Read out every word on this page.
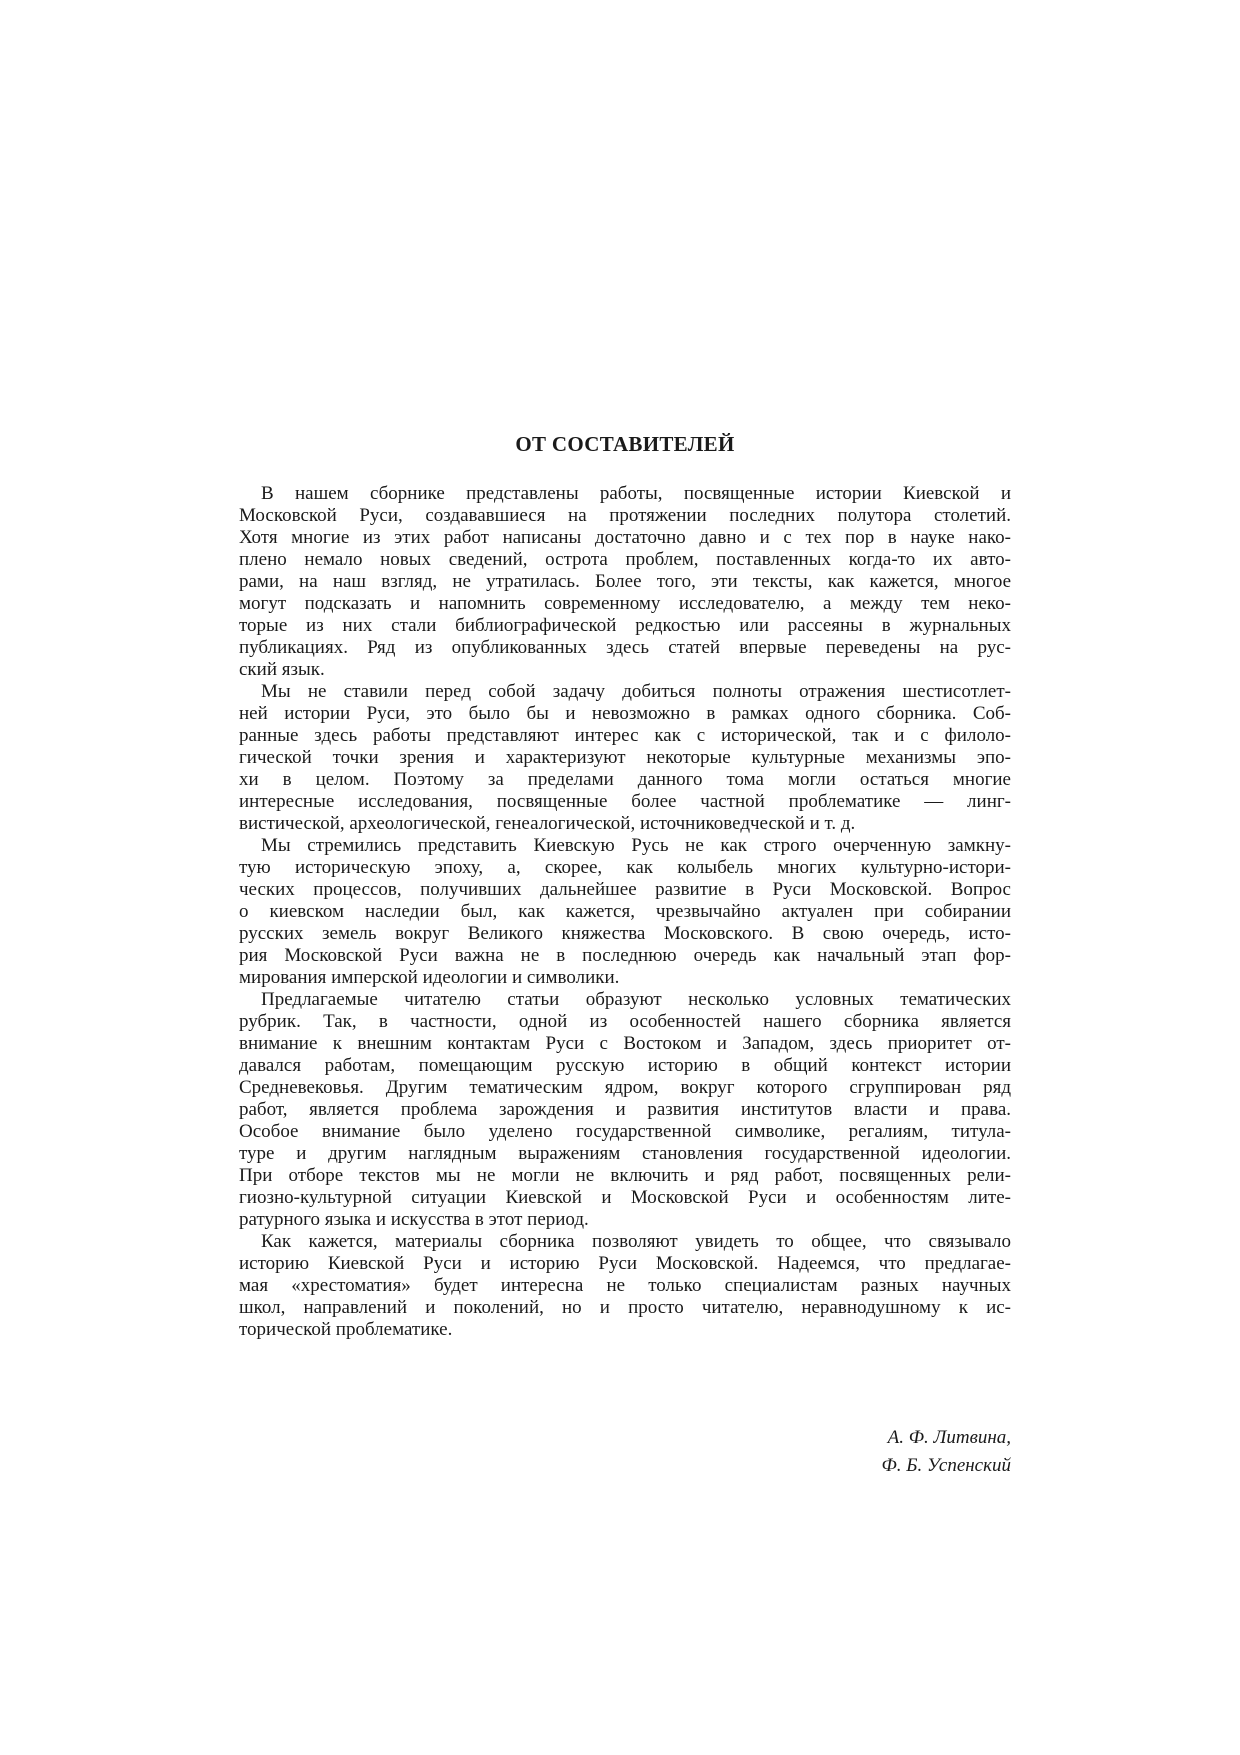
ОТ СОСТАВИТЕЛЕЙ
В нашем сборнике представлены работы, посвященные истории Киевской и
Московской Руси, создававшиеся на протяжении последних полутора столетий.
Хотя многие из этих работ написаны достаточно давно и с тех пор в науке нако-
плено немало новых сведений, острота проблем, поставленных когда-то их авто-
рами, на наш взгляд, не утратилась. Более того, эти тексты, как кажется, многое
могут подсказать и напомнить современному исследователю, а между тем неко-
торые из них стали библиографической редкостью или рассеяны в журнальных
публикациях. Ряд из опубликованных здесь статей впервые переведены на рус-
ский язык.
Мы не ставили перед собой задачу добиться полноты отражения шестисотлет-
ней истории Руси, это было бы и невозможно в рамках одного сборника. Соб-
ранные здесь работы представляют интерес как с исторической, так и с филоло-
гической точки зрения и характеризуют некоторые культурные механизмы эпо-
хи в целом. Поэтому за пределами данного тома могли остаться многие
интересные исследования, посвященные более частной проблематике — линг-
вистической, археологической, генеалогической, источниковедческой и т. д.
Мы стремились представить Киевскую Русь не как строго очерченную замкну-
тую историческую эпоху, а, скорее, как колыбель многих культурно-истори-
ческих процессов, получивших дальнейшее развитие в Руси Московской. Вопрос
о киевском наследии был, как кажется, чрезвычайно актуален при собирании
русских земель вокруг Великого княжества Московского. В свою очередь, исто-
рия Московской Руси важна не в последнюю очередь как начальный этап фор-
мирования имперской идеологии и символики.
Предлагаемые читателю статьи образуют несколько условных тематических
рубрик. Так, в частности, одной из особенностей нашего сборника является
внимание к внешним контактам Руси с Востоком и Западом, здесь приоритет от-
давался работам, помещающим русскую историю в общий контекст истории
Средневековья. Другим тематическим ядром, вокруг которого сгруппирован ряд
работ, является проблема зарождения и развития институтов власти и права.
Особое внимание было уделено государственной символике, регалиям, титула-
туре и другим наглядным выражениям становления государственной идеологии.
При отборе текстов мы не могли не включить и ряд работ, посвященных рели-
гиозно-культурной ситуации Киевской и Московской Руси и особенностям лите-
ратурного языка и искусства в этот период.
Как кажется, материалы сборника позволяют увидеть то общее, что связывало
историю Киевской Руси и историю Руси Московской. Надеемся, что предлагае-
мая «хрестоматия» будет интересна не только специалистам разных научных
школ, направлений и поколений, но и просто читателю, неравнодушному к ис-
торической проблематике.
А. Ф. Литвина,
Ф. Б. Успенский
